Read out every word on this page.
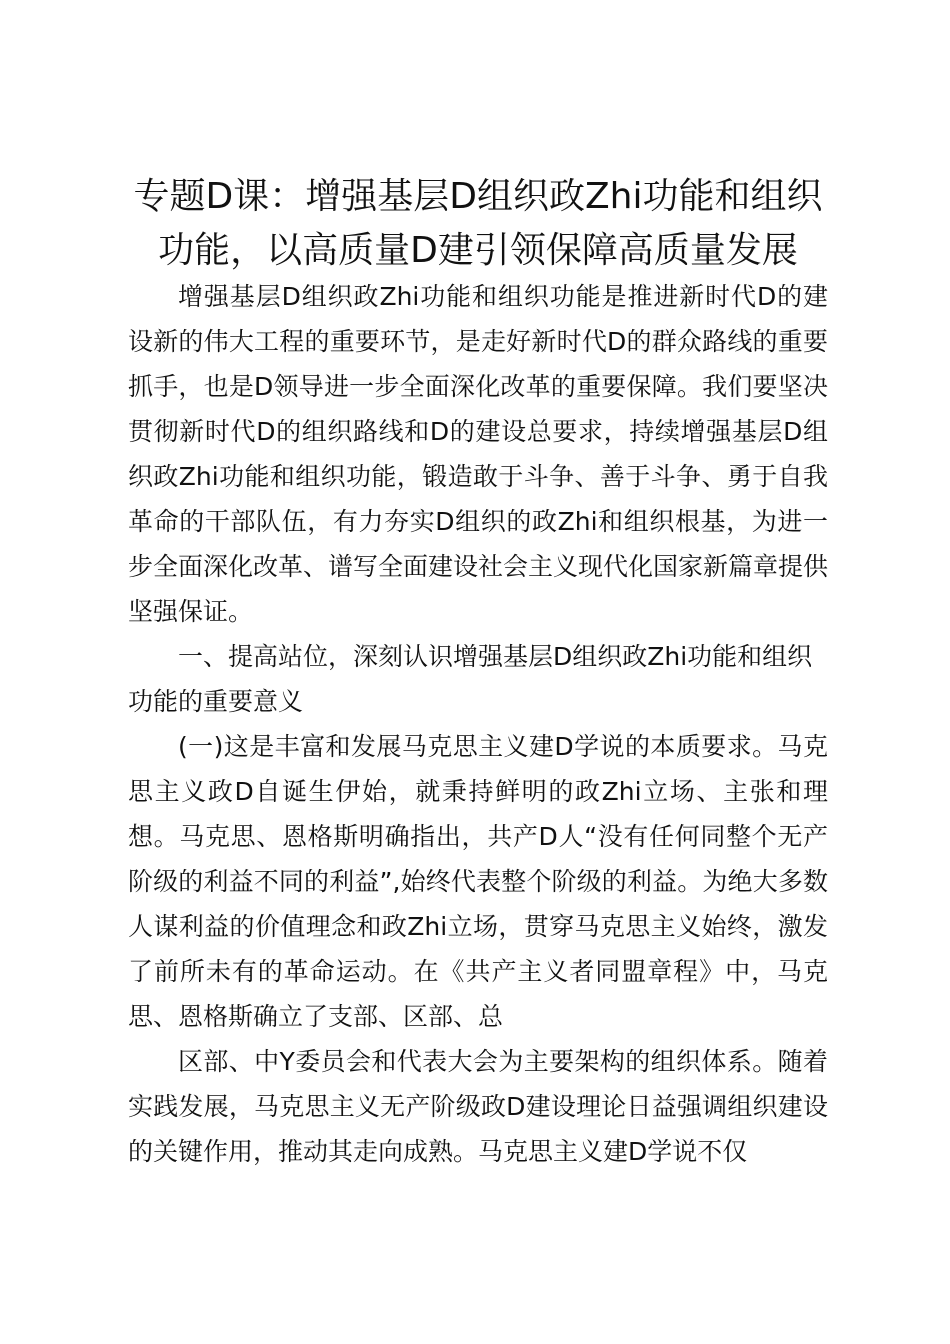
专题D课：增强基层D组织政Zhi功能和组织功能，以高质量D建引领保障高质量发展

增强基层D组织政Zhi功能和组织功能是推进新时代D的建设新的伟大工程的重要环节，是走好新时代D的群众路线的重要抓手，也是D领导进一步全面深化改革的重要保障。我们要坚决贯彻新时代D的组织路线和D的建设总要求，持续增强基层D组织政Zhi功能和组织功能，锻造敢于斗争、善于斗争、勇于自我革命的干部队伍，有力夯实D组织的政Zhi和组织根基，为进一步全面深化改革、谱写全面建设社会主义现代化国家新篇章提供坚强保证。

一、提高站位，深刻认识增强基层D组织政Zhi功能和组织功能的重要意义

(一)这是丰富和发展马克思主义建D学说的本质要求。马克思主义政D自诞生伊始，就秉持鲜明的政Zhi立场、主张和理想。马克思、恩格斯明确指出，共产D人“没有任何同整个无产阶级的利益不同的利益”,始终代表整个阶级的利益。为绝大多数人谋利益的价值理念和政Zhi立场，贯穿马克思主义始终，激发了前所未有的革命运动。在《共产主义者同盟章程》中，马克思、恩格斯确立了支部、区部、总

区部、中Y委员会和代表大会为主要架构的组织体系。随着实践发展，马克思主义无产阶级政D建设理论日益强调组织建设的关键作用，推动其走向成熟。马克思主义建D学说不仅
